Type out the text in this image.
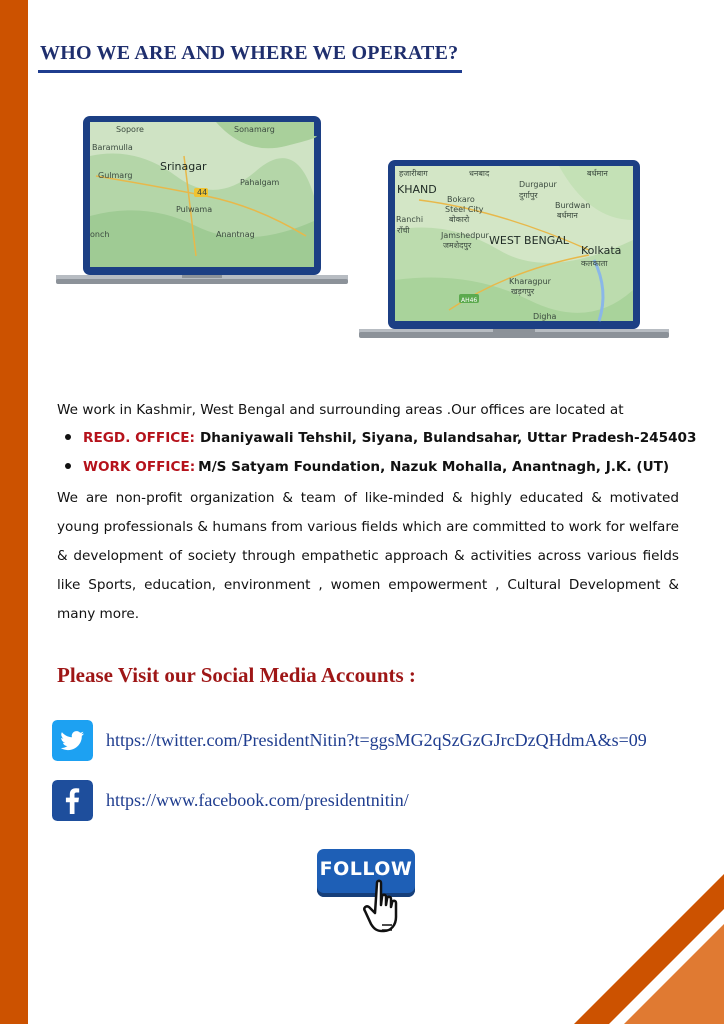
WHO WE ARE AND WHERE WE OPERATE?
Sopore	Sonamarg
Baramulla
Srinagar
Gulmarg
44
Pahalgam
Pulwama
Anantnag
onch
हजारीबाग	धनबाद	बर्धमान
KHAND	Durgapur
दुर्गापुर
Bokaro
Steel City
बोकारो
Burdwan
बर्धमान
Ranchi
राँची
Jamshedpur
जमशेदपुर WEST BENGAL
Kolkata
कलकाता
Kharagpur
खड़गपुर
AH46
Digha

We work in Kashmir, West Bengal and surrounding areas .Our offices are located at

REGD. OFFICE: Dhaniyawali Tehshil, Siyana, Bulandsahar, Uttar Pradesh-245403
WORK OFFICE: M/S Satyam Foundation, Nazuk Mohalla, Anantnagh, J.K. (UT)

We are non-profit organization & team of like-minded & highly educated & motivated young professionals & humans from various fields which are committed to work for welfare & development of society through empathetic approach & activities across various fields like Sports, education, environment , women empowerment , Cultural Development & many more.

Please Visit our Social Media Accounts :
https://twitter.com/PresidentNitin?t=ggsMG2qSzGzGJrcDzQHdmA&s=09
https://www.facebook.com/presidentnitin/
FOLLOW
